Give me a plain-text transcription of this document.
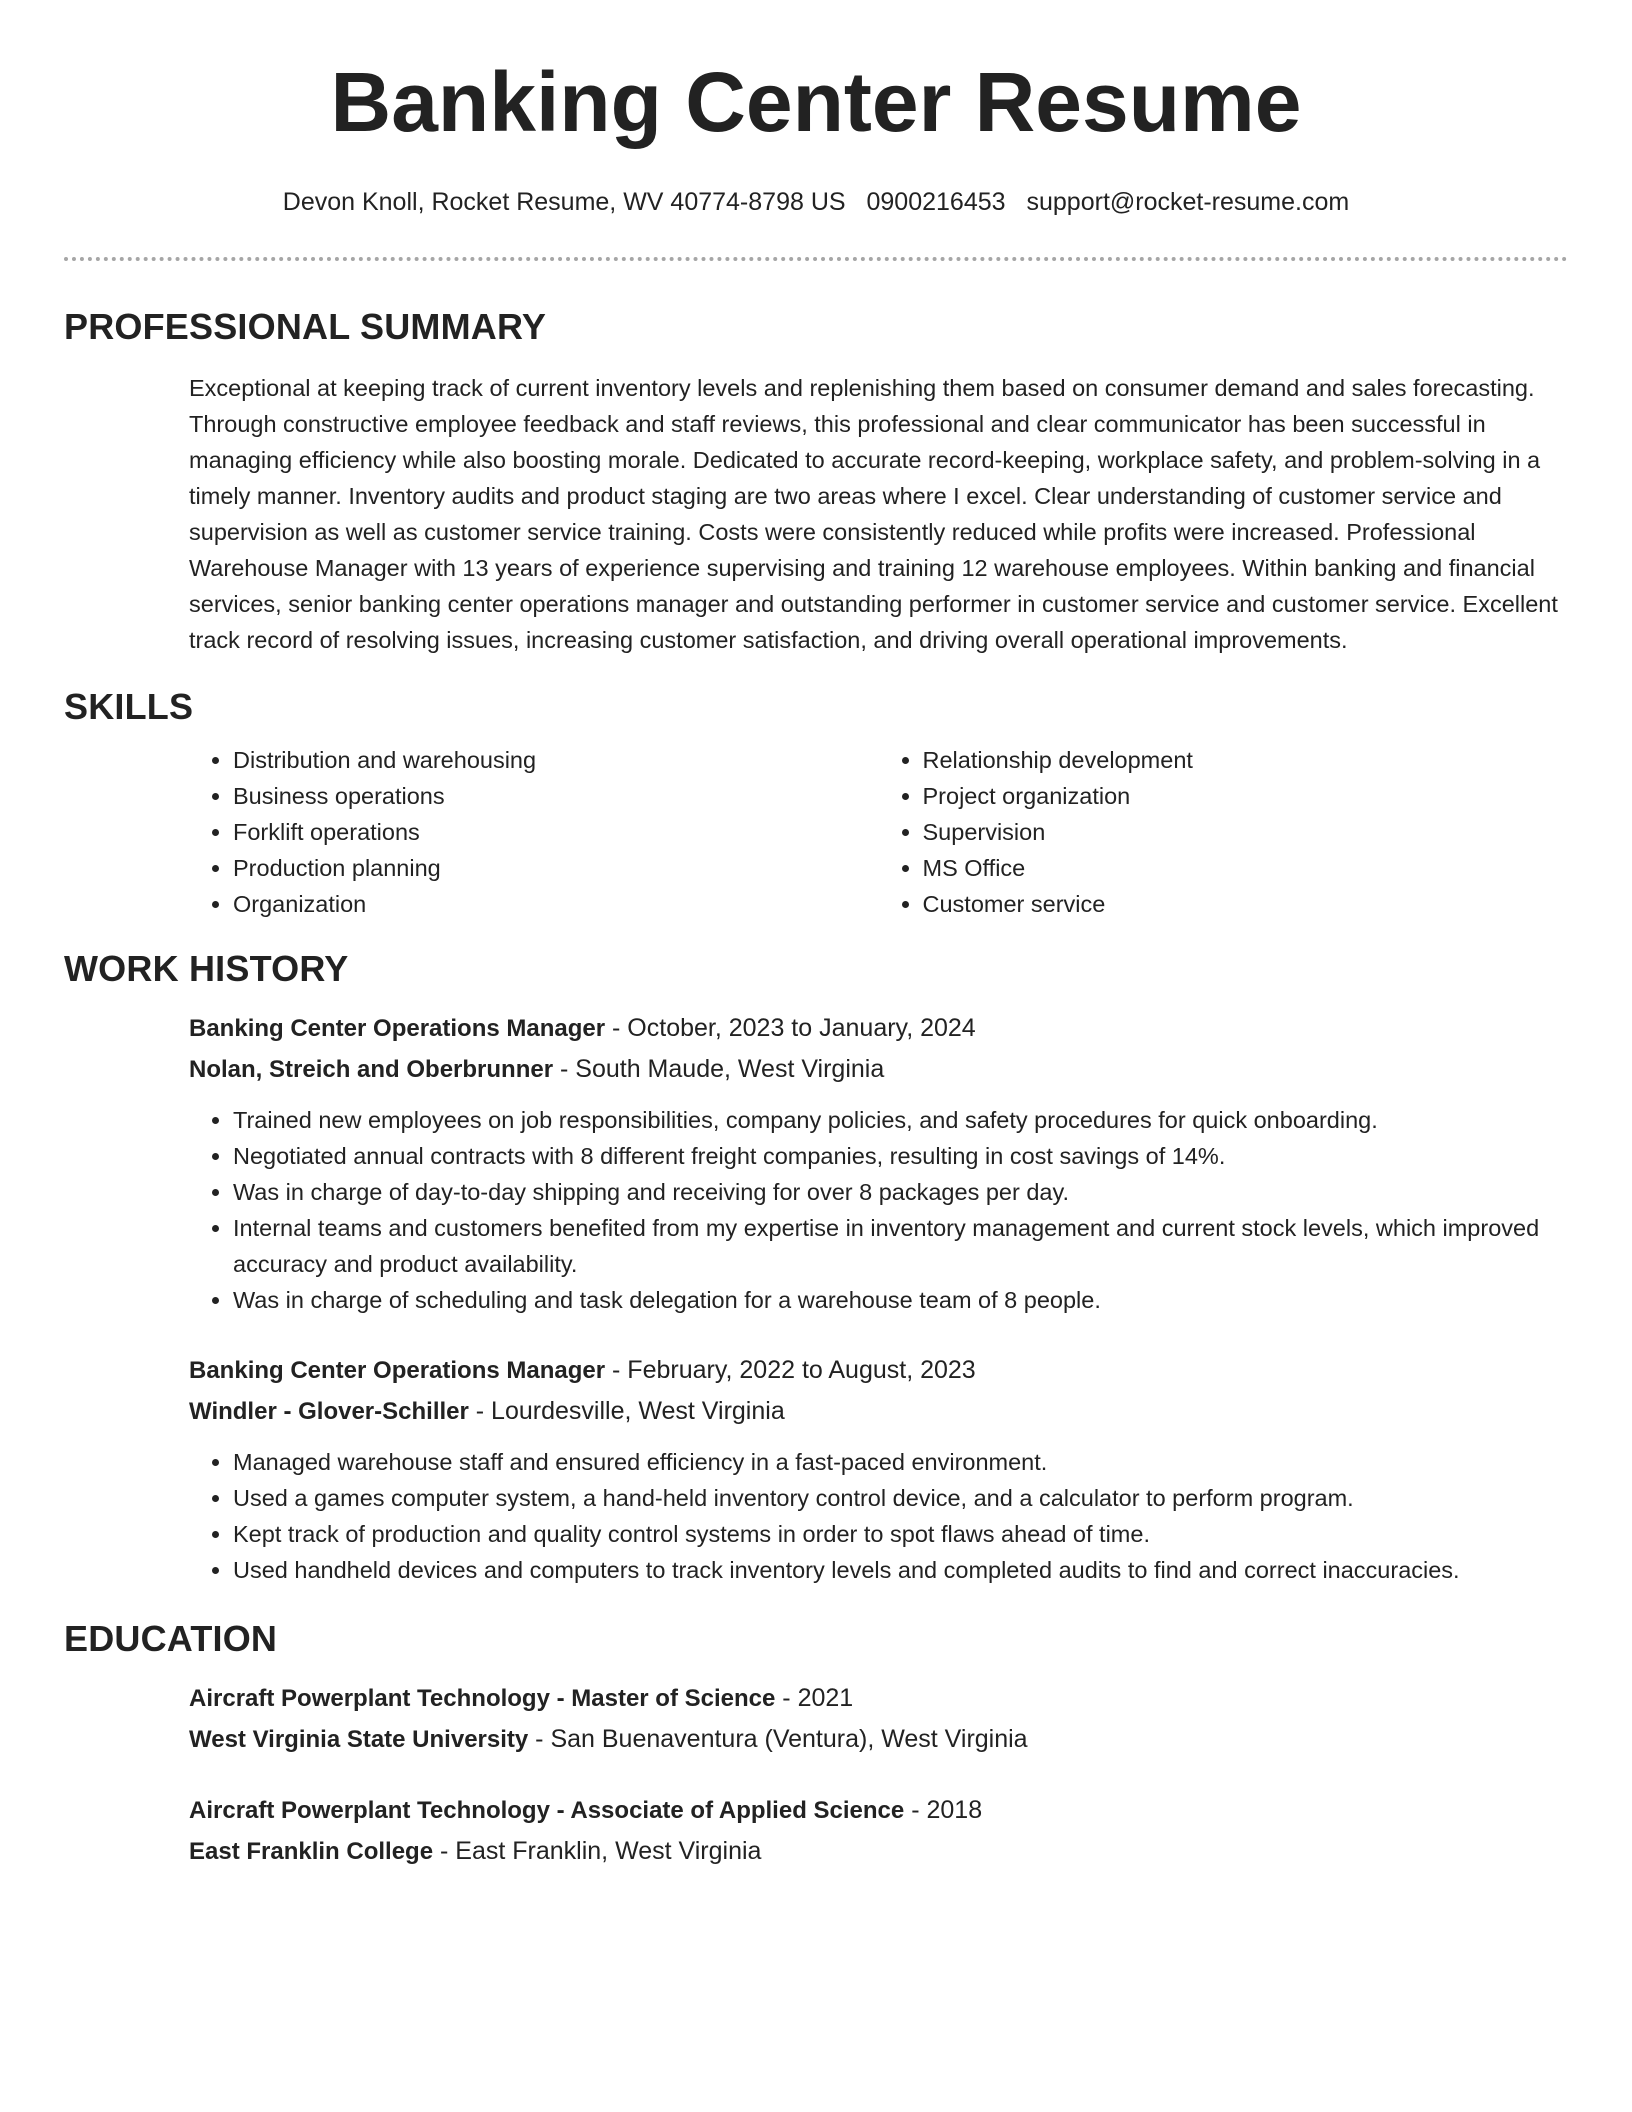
Banking Center Resume
Devon Knoll, Rocket Resume, WV 40774-8798 US 0900216453 support@rocket-resume.com
PROFESSIONAL SUMMARY
Exceptional at keeping track of current inventory levels and replenishing them based on consumer demand and sales forecasting. Through constructive employee feedback and staff reviews, this professional and clear communicator has been successful in managing efficiency while also boosting morale. Dedicated to accurate record-keeping, workplace safety, and problem-solving in a timely manner. Inventory audits and product staging are two areas where I excel. Clear understanding of customer service and supervision as well as customer service training. Costs were consistently reduced while profits were increased. Professional Warehouse Manager with 13 years of experience supervising and training 12 warehouse employees. Within banking and financial services, senior banking center operations manager and outstanding performer in customer service and customer service. Excellent track record of resolving issues, increasing customer satisfaction, and driving overall operational improvements.
SKILLS
• Distribution and warehousing
• Business operations
• Forklift operations
• Production planning
• Organization
• Relationship development
• Project organization
• Supervision
• MS Office
• Customer service
WORK HISTORY
Banking Center Operations Manager - October, 2023 to January, 2024
Nolan, Streich and Oberbrunner - South Maude, West Virginia
• Trained new employees on job responsibilities, company policies, and safety procedures for quick onboarding.
• Negotiated annual contracts with 8 different freight companies, resulting in cost savings of 14%.
• Was in charge of day-to-day shipping and receiving for over 8 packages per day.
• Internal teams and customers benefited from my expertise in inventory management and current stock levels, which improved accuracy and product availability.
• Was in charge of scheduling and task delegation for a warehouse team of 8 people.
Banking Center Operations Manager - February, 2022 to August, 2023
Windler - Glover-Schiller - Lourdesville, West Virginia
• Managed warehouse staff and ensured efficiency in a fast-paced environment.
• Used a games computer system, a hand-held inventory control device, and a calculator to perform program.
• Kept track of production and quality control systems in order to spot flaws ahead of time.
• Used handheld devices and computers to track inventory levels and completed audits to find and correct inaccuracies.
EDUCATION
Aircraft Powerplant Technology - Master of Science - 2021
West Virginia State University - San Buenaventura (Ventura), West Virginia
Aircraft Powerplant Technology - Associate of Applied Science - 2018
East Franklin College - East Franklin, West Virginia
